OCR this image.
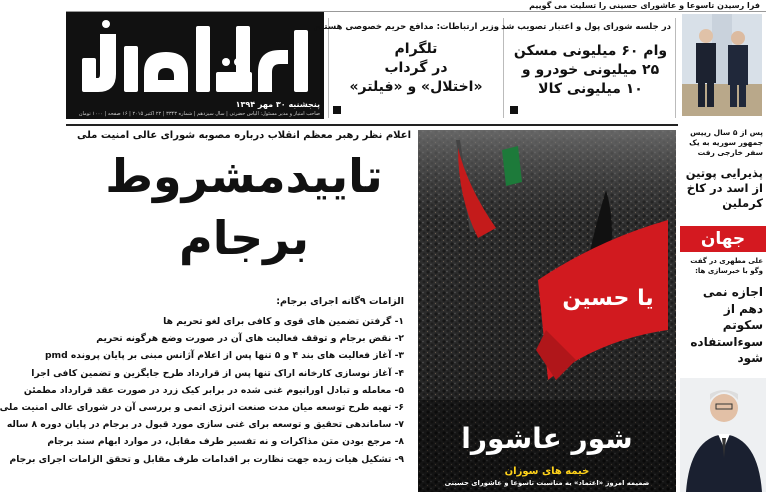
فرا رسیدن تاسوعا و عاشورای حسینی را تسلیت می گوییم
پنجشنبه ۳۰ مهر ۱۳۹۴
صاحب امتیاز و مدیر مسئول: الیاس حضرتی | سال سیزدهم | شماره ۳۳۴۳ | ۲۲ اکتبر ۲۰۱۵ | ۱۶ صفحه | ۱۰۰۰ تومان
وزیر ارتباطات: مدافع حریم خصوصی هستیم
تلگرام
در گرداب
«اختلال» و «فیلتر»
در جلسه شورای پول و اعتبار تصویب شد
وام ۶۰ میلیونی مسکن
۲۵ میلیونی خودرو و
۱۰ میلیونی کالا
اعلام نظر رهبر معظم انقلاب درباره مصوبه شورای عالی امنیت ملی
تاییدمشروط
برجام
الزامات ۹گانه اجرای برجام:
۱- گرفتن تضمین های قوی و کافی برای لغو تحریم ها
۲- نقض برجام و توقف فعالیت های آن در صورت وضع هرگونه تحریم
۳- آغاز فعالیت های بند ۴ و ۵ تنها پس از اعلام آژانس مبنی بر پایان پرونده pmd
۴- آغاز نوسازی کارخانه اراک تنها پس از قرارداد طرح جایگزین و تضمین کافی اجرا
۵- معامله و تبادل اورانیوم غنی شده در برابر کیک زرد در صورت عقد قرارداد مطمئن
۶- تهیه طرح توسعه میان مدت صنعت انرژی اتمی و بررسی آن در شورای عالی امنیت ملی
۷- ساماندهی تحقیق و توسعه برای غنی سازی مورد قبول در برجام در پایان دوره ۸ ساله
۸- مرجع بودن متن مذاکرات و نه تفسیر طرف مقابل، در موارد ابهام سند برجام
۹- تشکیل هیات زبده جهت نظارت بر اقدامات طرف مقابل و تحقق الزامات اجرای برجام
یا حسین
شور عاشورا
خیمه های سوزان
ضمیمه امروز «اعتماد» به مناسبت تاسوعا و عاشورای حسینی
پس از ۵ سال رییس جمهور سوریه به یک سفر خارجی رفت
پذیرایی پوتین از اسد در کاخ کرملین
جهان
علی مطهری در گفت وگو با خبرسازی ها:
اجازه نمی دهم از سکوتم سوءاستفاده شود
